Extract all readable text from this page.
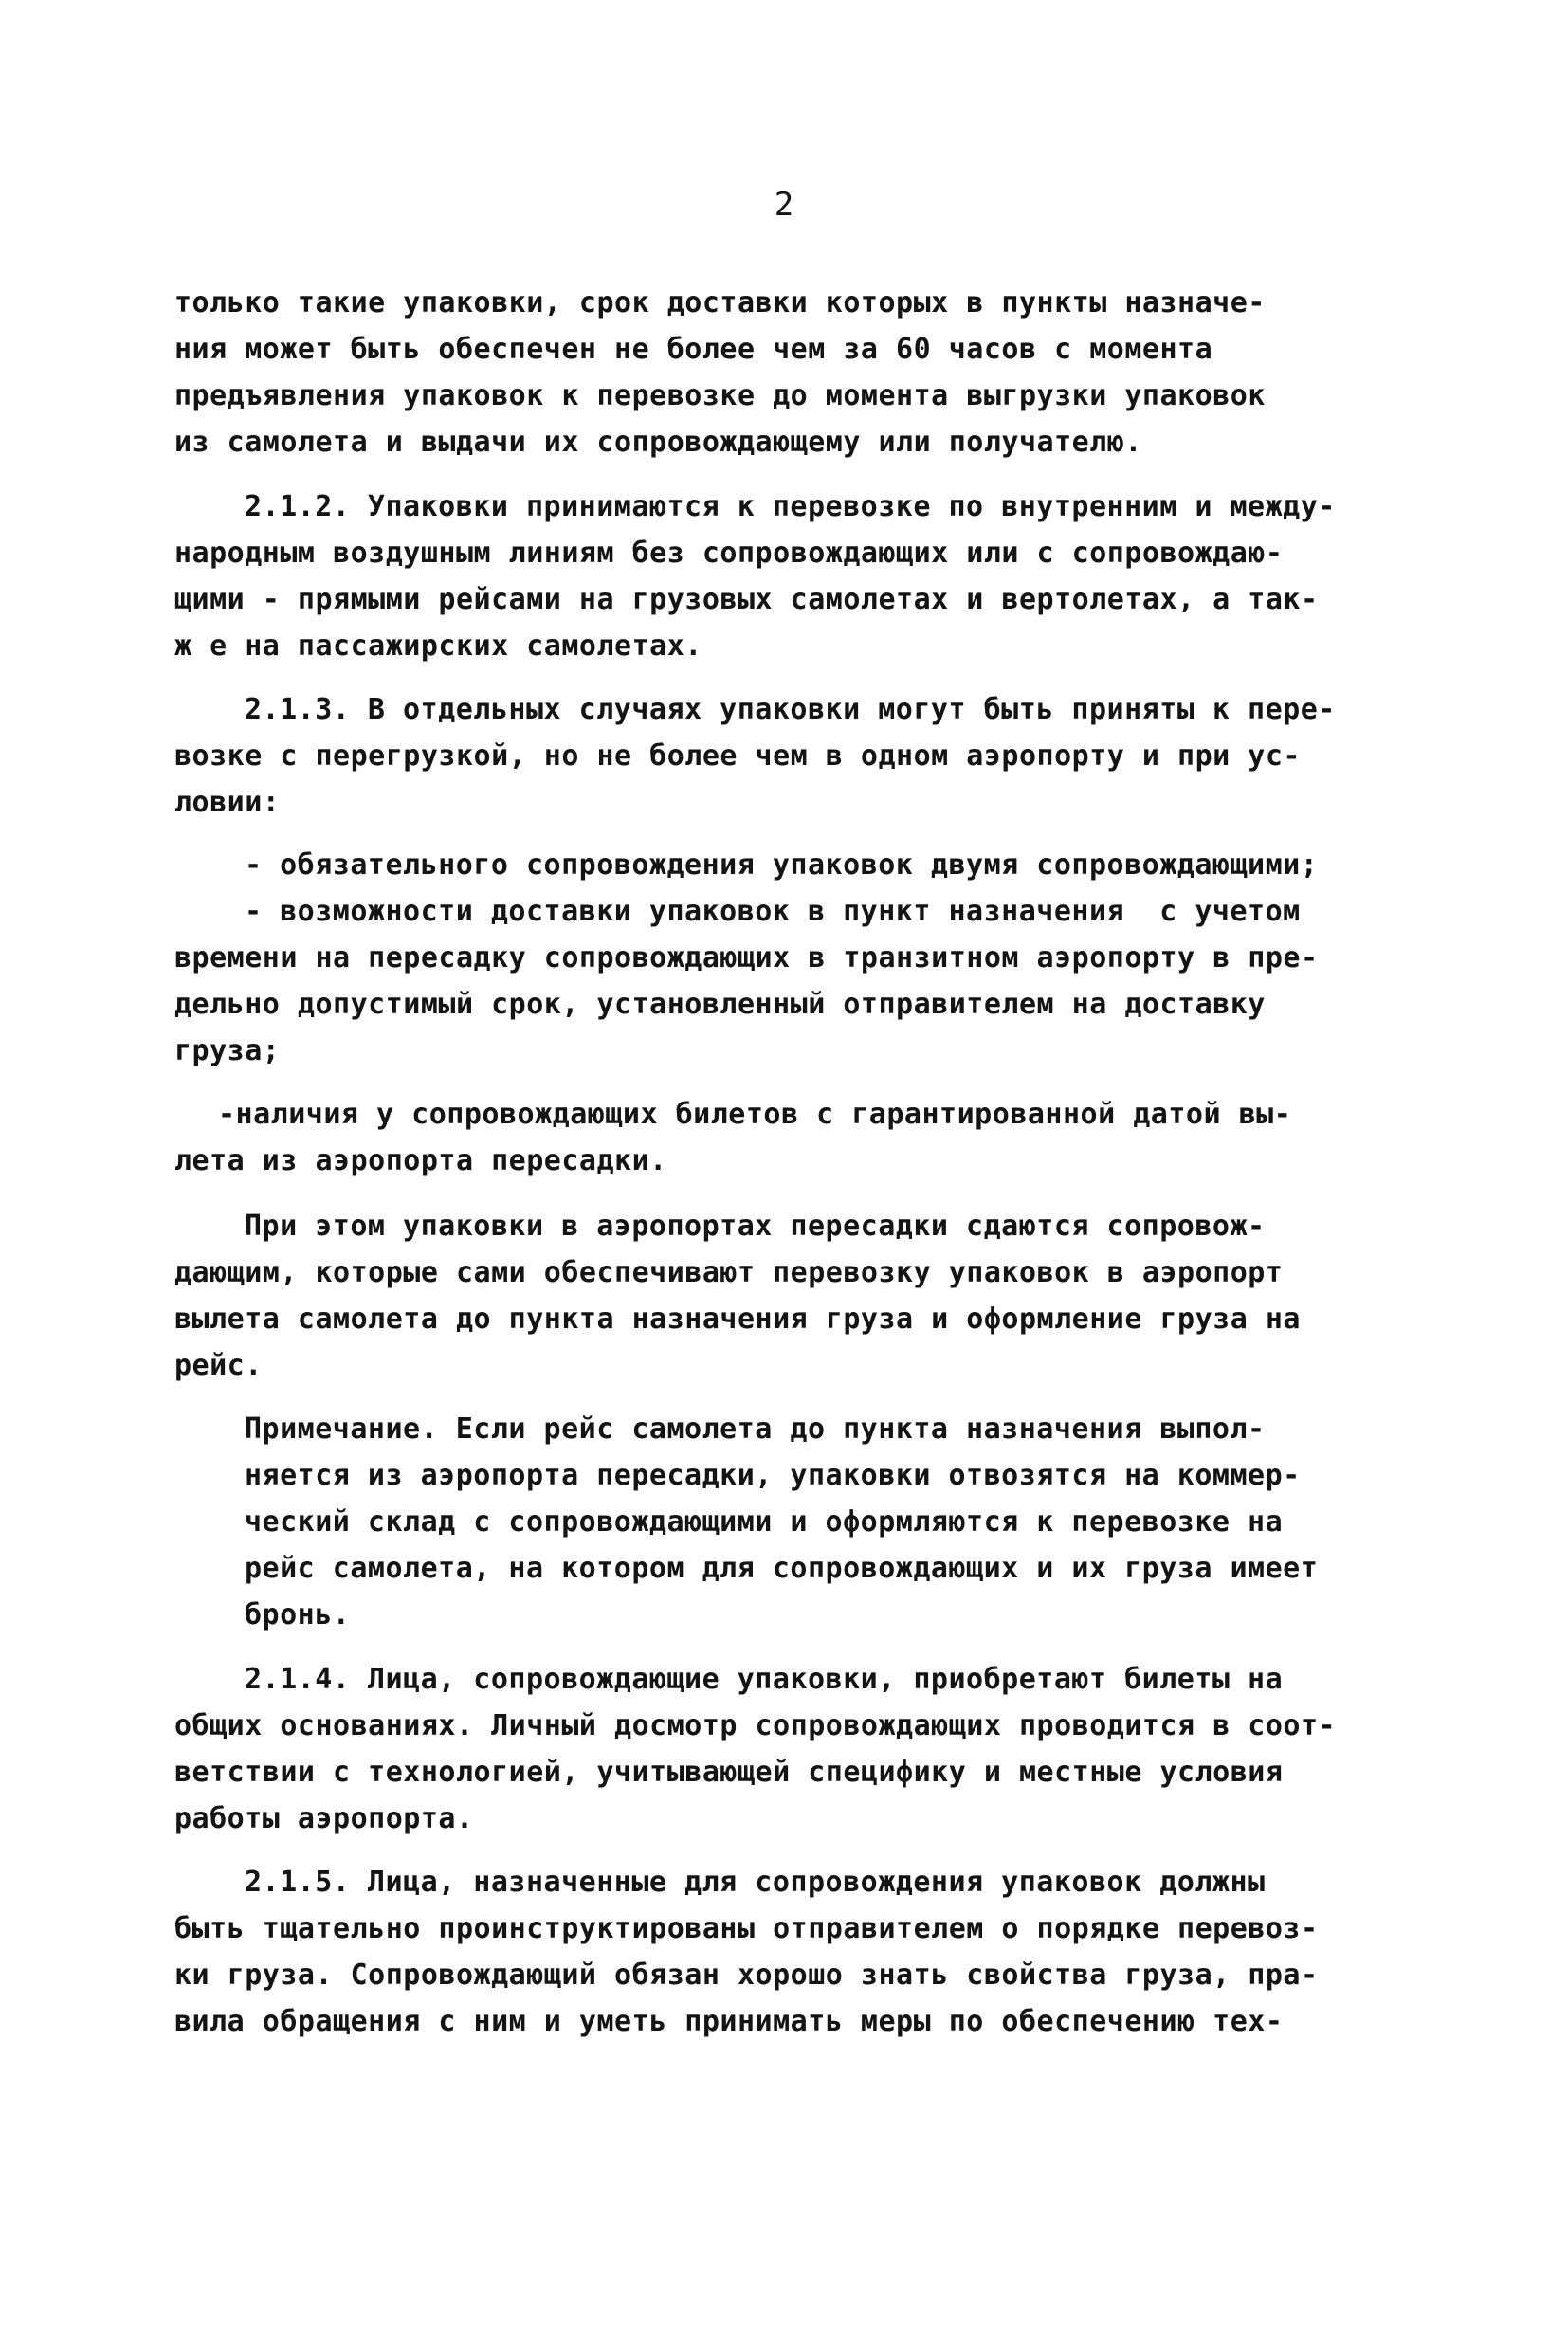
2
только такие упаковки, срок доставки которых в пункты назначе-
ния может быть обеспечен не более чем за 60 часов с момента
предъявления упаковок к перевозке до момента выгрузки упаковок
из самолета и выдачи их сопровождающему или получателю.
2.1.2. Упаковки принимаются к перевозке по внутренним и между-
народным воздушным линиям без сопровождающих или с сопровождаю-
щими - прямыми рейсами на грузовых самолетах и вертолетах, а так-
ж е на пассажирских самолетах.
2.1.3. В отдельных случаях упаковки могут быть приняты к пере-
возке с перегрузкой, но не более чем в одном аэропорту и при ус-
ловии:
- обязательного сопровождения упаковок двумя сопровождающими;
- возможности доставки упаковок в пункт назначения  с учетом
времени на пересадку сопровождающих в транзитном аэропорту в пре-
дельно допустимый срок, установленный отправителем на доставку
груза;
-наличия у сопровождающих билетов с гарантированной датой вы-
лета из аэропорта пересадки.
При этом упаковки в аэропортах пересадки сдаются сопровож-
дающим, которые сами обеспечивают перевозку упаковок в аэропорт
вылета самолета до пункта назначения груза и оформление груза на
рейс.
Примечание. Если рейс самолета до пункта назначения выпол-
няется из аэропорта пересадки, упаковки отвозятся на коммер-
ческий склад с сопровождающими и оформляются к перевозке на
рейс самолета, на котором для сопровождающих и их груза имеет
бронь.
2.1.4. Лица, сопровождающие упаковки, приобретают билеты на
общих основаниях. Личный досмотр сопровождающих проводится в соот-
ветствии с технологией, учитывающей специфику и местные условия
работы аэропорта.
2.1.5. Лица, назначенные для сопровождения упаковок должны
быть тщательно проинструктированы отправителем о порядке перевоз-
ки груза. Сопровождающий обязан хорошо знать свойства груза, пра-
вила обращения с ним и уметь принимать меры по обеспечению тех-
